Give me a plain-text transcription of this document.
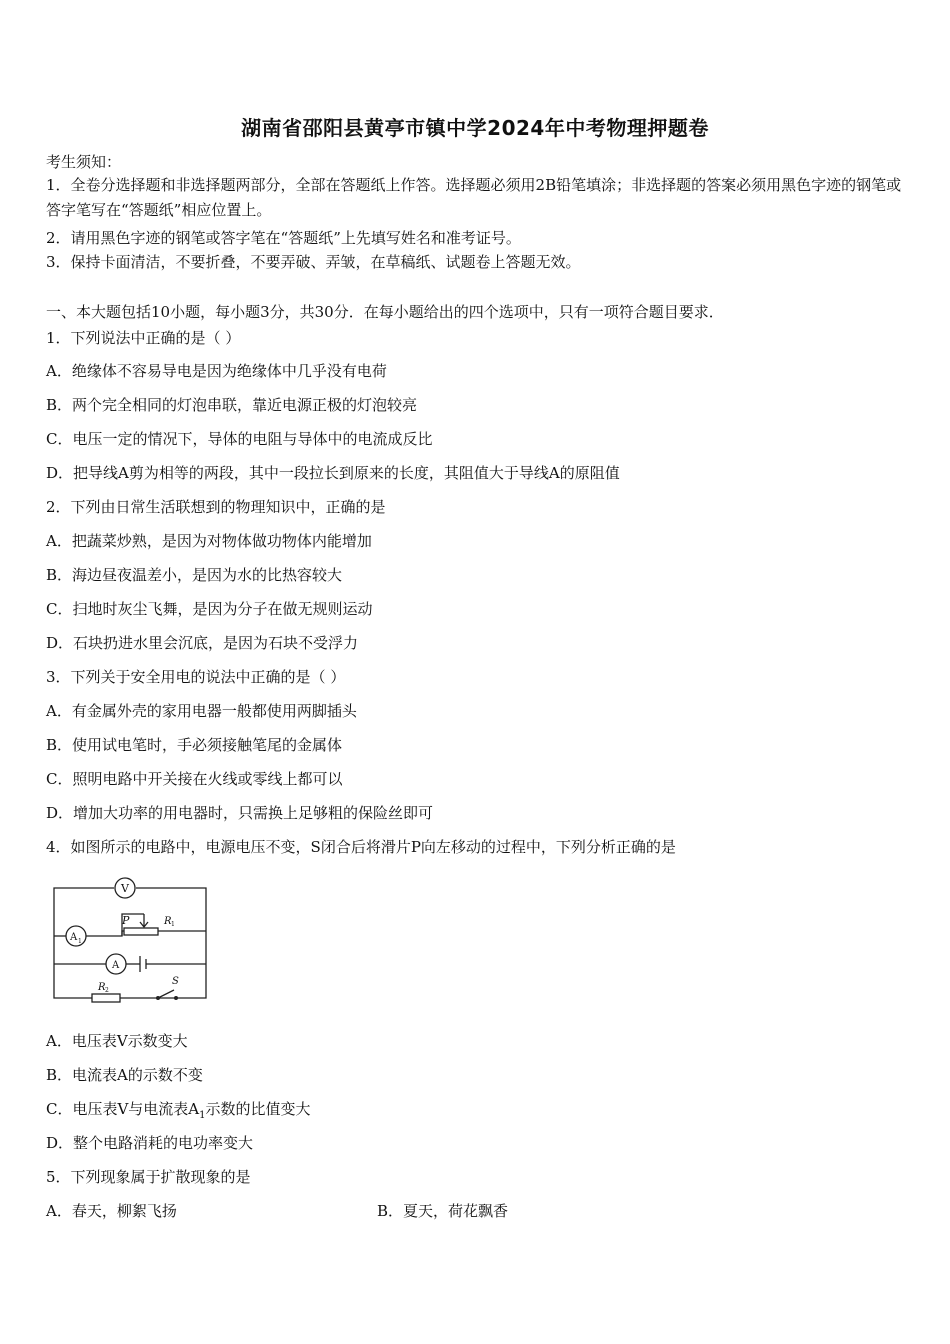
湖南省邵阳县黄亭市镇中学2024年中考物理押题卷
考生须知：
1．全卷分选择题和非选择题两部分，全部在答题纸上作答。选择题必须用2B铅笔填涂；非选择题的答案必须用黑色字迹的钢笔或答字笔写在“答题纸”相应位置上。
2．请用黑色字迹的钢笔或答字笔在“答题纸”上先填写姓名和准考证号。
3．保持卡面清洁，不要折叠，不要弄破、弄皱，在草稿纸、试题卷上答题无效。
一、本大题包括10小题，每小题3分，共30分．在每小题给出的四个选项中，只有一项符合题目要求．
1．下列说法中正确的是（ ）
A．绝缘体不容易导电是因为绝缘体中几乎没有电荷
B．两个完全相同的灯泡串联，靠近电源正极的灯泡较亮
C．电压一定的情况下，导体的电阻与导体中的电流成反比
D．把导线A剪为相等的两段，其中一段拉长到原来的长度，其阻值大于导线A的原阻值
2．下列由日常生活联想到的物理知识中，正确的是
A．把蔬菜炒熟，是因为对物体做功物体内能增加
B．海边昼夜温差小，是因为水的比热容较大
C．扫地时灰尘飞舞，是因为分子在做无规则运动
D．石块扔进水里会沉底，是因为石块不受浮力
3．下列关于安全用电的说法中正确的是（ ）
A．有金属外壳的家用电器一般都使用两脚插头
B．使用试电笔时，手必须接触笔尾的金属体
C．照明电路中开关接在火线或零线上都可以
D．增加大功率的用电器时，只需换上足够粗的保险丝即可
4．如图所示的电路中，电源电压不变，S闭合后将滑片P向左移动的过程中，下列分析正确的是
V
A 1
A
P	R 1
R 2
S
A．电压表V示数变大
B．电流表A的示数不变
C．电压表V与电流表$A_1$示数的比值变大
D．整个电路消耗的电功率变大
5．下列现象属于扩散现象的是
A．春天，柳絮飞扬	B．夏天，荷花飘香
